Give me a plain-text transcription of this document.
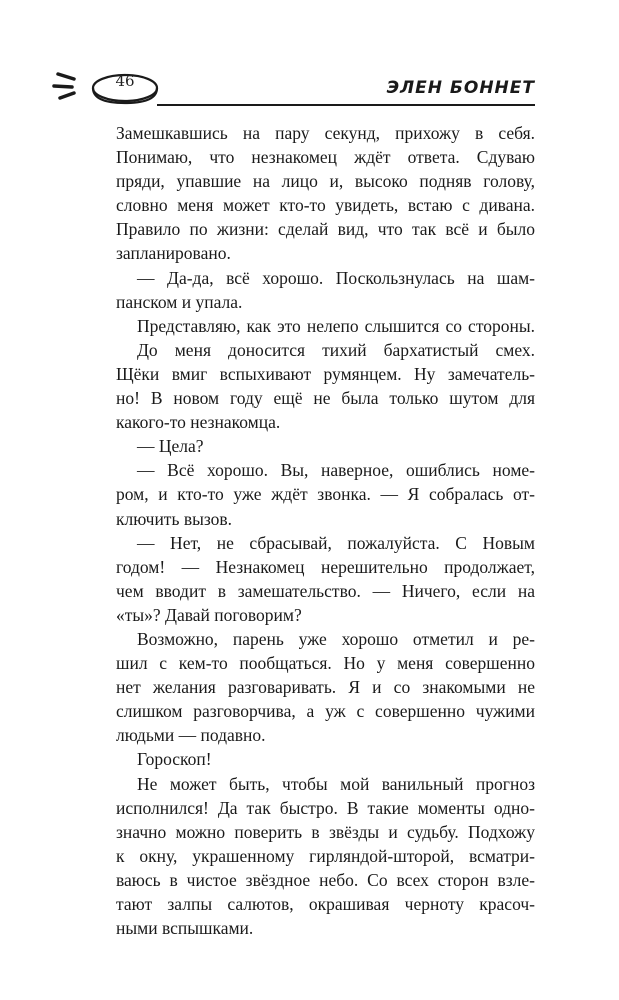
46	ЭЛЕН БОННЕТ
Замешкавшись на пару секунд, прихожу в себя.
Понимаю, что незнакомец ждёт ответа. Сдуваю
пряди, упавшие на лицо и, высоко подняв голову,
словно меня может кто-то увидеть, встаю с дивана.
Правило по жизни: сделай вид, что так всё и было
запланировано.
— Да-да, всё хорошо. Поскользнулась на шам-
панском и упала.
Представляю, как это нелепо слышится со стороны.
До меня доносится тихий бархатистый смех.
Щёки вмиг вспыхивают румянцем. Ну замечатель-
но! В новом году ещё не была только шутом для
какого-то незнакомца.
— Цела?
— Всё хорошо. Вы, наверное, ошиблись номе-
ром, и кто-то уже ждёт звонка. — Я собралась от-
ключить вызов.
— Нет, не сбрасывай, пожалуйста. С Новым
годом! — Незнакомец нерешительно продолжает,
чем вводит в замешательство. — Ничего, если на
«ты»? Давай поговорим?
Возможно, парень уже хорошо отметил и ре-
шил с кем-то пообщаться. Но у меня совершенно
нет желания разговаривать. Я и со знакомыми не
слишком разговорчива, а уж с совершенно чужими
людьми — подавно.
Гороскоп!
Не может быть, чтобы мой ванильный прогноз
исполнился! Да так быстро. В такие моменты одно-
значно можно поверить в звёзды и судьбу. Подхожу
к окну, украшенному гирляндой-шторой, всматри-
ваюсь в чистое звёздное небо. Со всех сторон взле-
тают залпы салютов, окрашивая черноту красоч-
ными вспышками.
